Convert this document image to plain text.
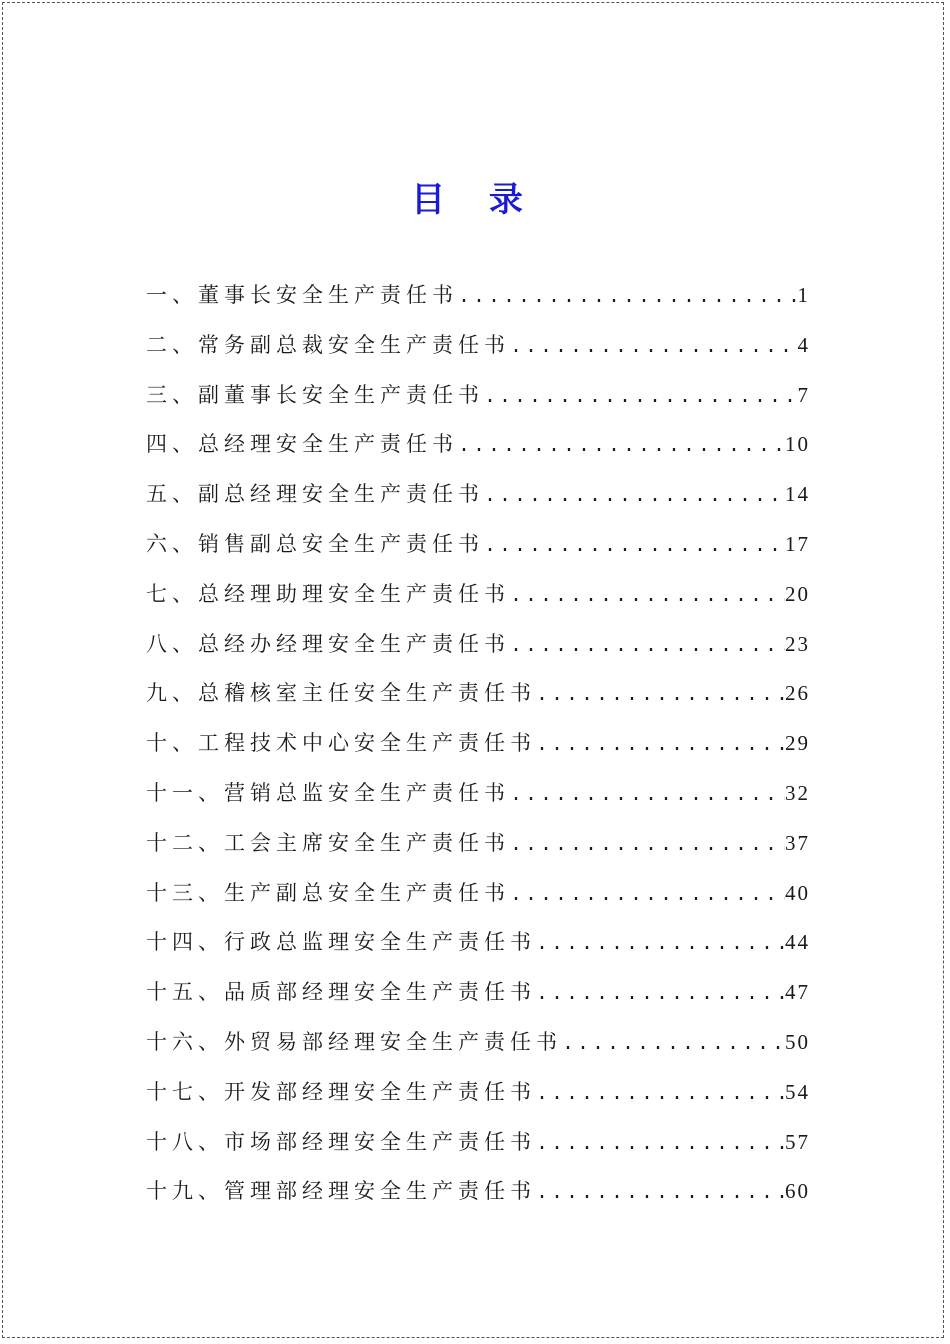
目 录
一、董事长安全生产责任书 .....	1
二、常务副总裁安全生产责任书 .....	4
三、副董事长安全生产责任书 .....	7
四、总经理安全生产责任书 .....	10
五、副总经理安全生产责任书 .....	14
六、销售副总安全生产责任书 .....	17
七、总经理助理安全生产责任书 .....	20
八、总经办经理安全生产责任书 .....	23
九、总稽核室主任安全生产责任书 .....	26
十、工程技术中心安全生产责任书 .....	29
十一、营销总监安全生产责任书 .....	32
十二、工会主席安全生产责任书 .....	37
十三、生产副总安全生产责任书 .....	40
十四、行政总监理安全生产责任书 .....	44
十五、品质部经理安全生产责任书 .....	47
十六、外贸易部经理安全生产责任书 .....	50
十七、开发部经理安全生产责任书 .....	54
十八、市场部经理安全生产责任书 .....	57
十九、管理部经理安全生产责任书 .....	60
